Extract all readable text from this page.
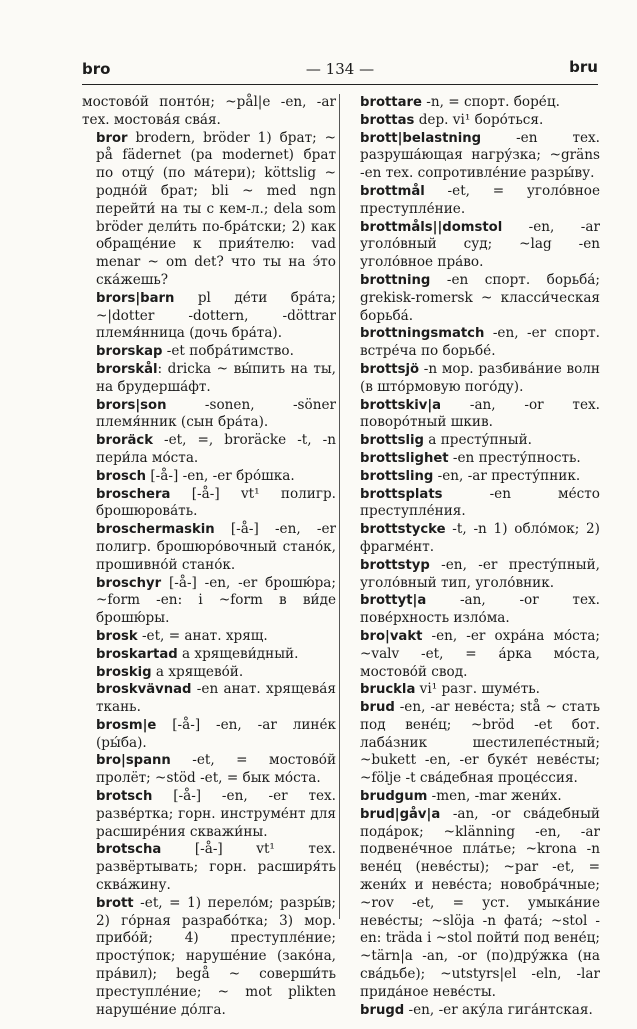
bro	— 134 —	bru

мостово́й понто́н; ~pål|e -en, -ar тех. мостова́я сва́я.

bror brodern, bröder 1) брат; ~ på fädernet (pa modernet) брат по отцу́ (по ма́тери); köttslig ~ родно́й брат; bli ~ med ngn перейти́ на ты с кем-л.; dela som bröder дели́ть по-бра́тски; 2) как обраще́ние к прия́телю: vad menar ~ om det? что ты на э́то ска́жешь?

brors|barn pl де́ти бра́та; ~|dotter -dottern, -döttrar племя́нница (дочь бра́та).

brorskap -et побра́тимство.

brorskål: dricka ~ вы́пить на ты, на брудерша́фт.

brors|son -sonen, -söner племя́нник (сын бра́та).

broräck -et, =, broräcke -t, -n пери́ла мо́ста.

brosch [-å-] -en, -er бро́шка.

broschera [-å-] vt¹ полигр. брошюрова́ть.

broschermaskin [-å-] -en, -er полигр. брошюро́вочный стано́к, прошивно́й стано́к.

broschyr [-å-] -en, -er брошю́ра; ~form -en: i ~form в ви́де брошю́ры.

brosk -et, = анат. хрящ.

broskartad a хрящеви́дный.

broskig a хрящево́й.

broskvävnad -en анат. хрящева́я ткань.

brosm|e [-å-] -en, -ar лине́к (ры́ба).

bro|spann -et, = мостово́й пролёт; ~stöd -et, = бык мо́ста.

brotsch [-å-] -en, -er тех. разве́ртка; горн. инструме́нт для расшире́ния скважи́ны.

brotscha [-å-] vt¹ тех. развёртывать; горн. расширя́ть сква́жину.

brott -et, = 1) перело́м; разры́в; 2) го́рная разрабо́тка; 3) мор. прибо́й; 4) преступле́ние; просту́пок; наруше́ние (зако́на, пра́вил); begå ~ соверши́ть преступле́ние; ~ mot plikten наруше́ние до́лга.

brottare -n, = спорт. боре́ц.

brottas dep. vi¹ боро́ться.

brott|belastning -en тех. разруша́ющая нагру́зка; ~gräns -en тех. сопротивле́ние разры́ву.

brottmål -et, = уголо́вное преступле́ние.

brottmåls||domstol -en, -ar уголо́вный суд; ~lag -en уголо́вное пра́во.

brottning -en спорт. борьба́; grekisk-romersk ~ класси́ческая борьба́.

brottningsmatch -en, -er спорт. встре́ча по борьбе́.

brottsjö -n мор. разбива́ние волн (в што́рмовую пого́ду).

brottskiv|a -an, -or тех. поворо́тный шкив.

brottslig a престу́пный.

brottslighet -en престу́пность.

brottsling -en, -ar престу́пник.

brottsplats -en ме́сто преступле́ния.

brottstycke -t, -n 1) обло́мок; 2) фрагме́нт.

brottstyp -en, -er престу́пный, уголо́вный тип, уголо́вник.

brottyt|a -an, -or тех. пове́рхность изло́ма.

bro|vakt -en, -er охра́на мо́ста; ~valv -et, = а́рка мо́ста, мостово́й свод.

bruckla vi¹ разг. шуме́ть.

brud -en, -ar неве́ста; stå ~ стать под вене́ц; ~bröd -et бот. лаба́зник шестилепе́стный; ~bukett -en, -er буке́т неве́сты; ~följe -t сва́дебная проце́ссия.

brudgum -men, -mar жени́х.

brud|gåv|a -an, -or сва́дебный пода́рок; ~klänning -en, -ar подвене́чное пла́тье; ~krona -n вене́ц (неве́сты); ~par -et, = жени́х и неве́ста; новобра́чные; ~rov -et, = уст. умыка́ние неве́сты; ~slöja -n фата́; ~stol -en: träda i ~stol пойти́ под вене́ц; ~tärn|a -an, -or (по)дру́жка (на сва́дьбе); ~utstyrs|el -eln, -lar прида́ное неве́сты.

brugd -en, -er аку́ла гига́нтская.
